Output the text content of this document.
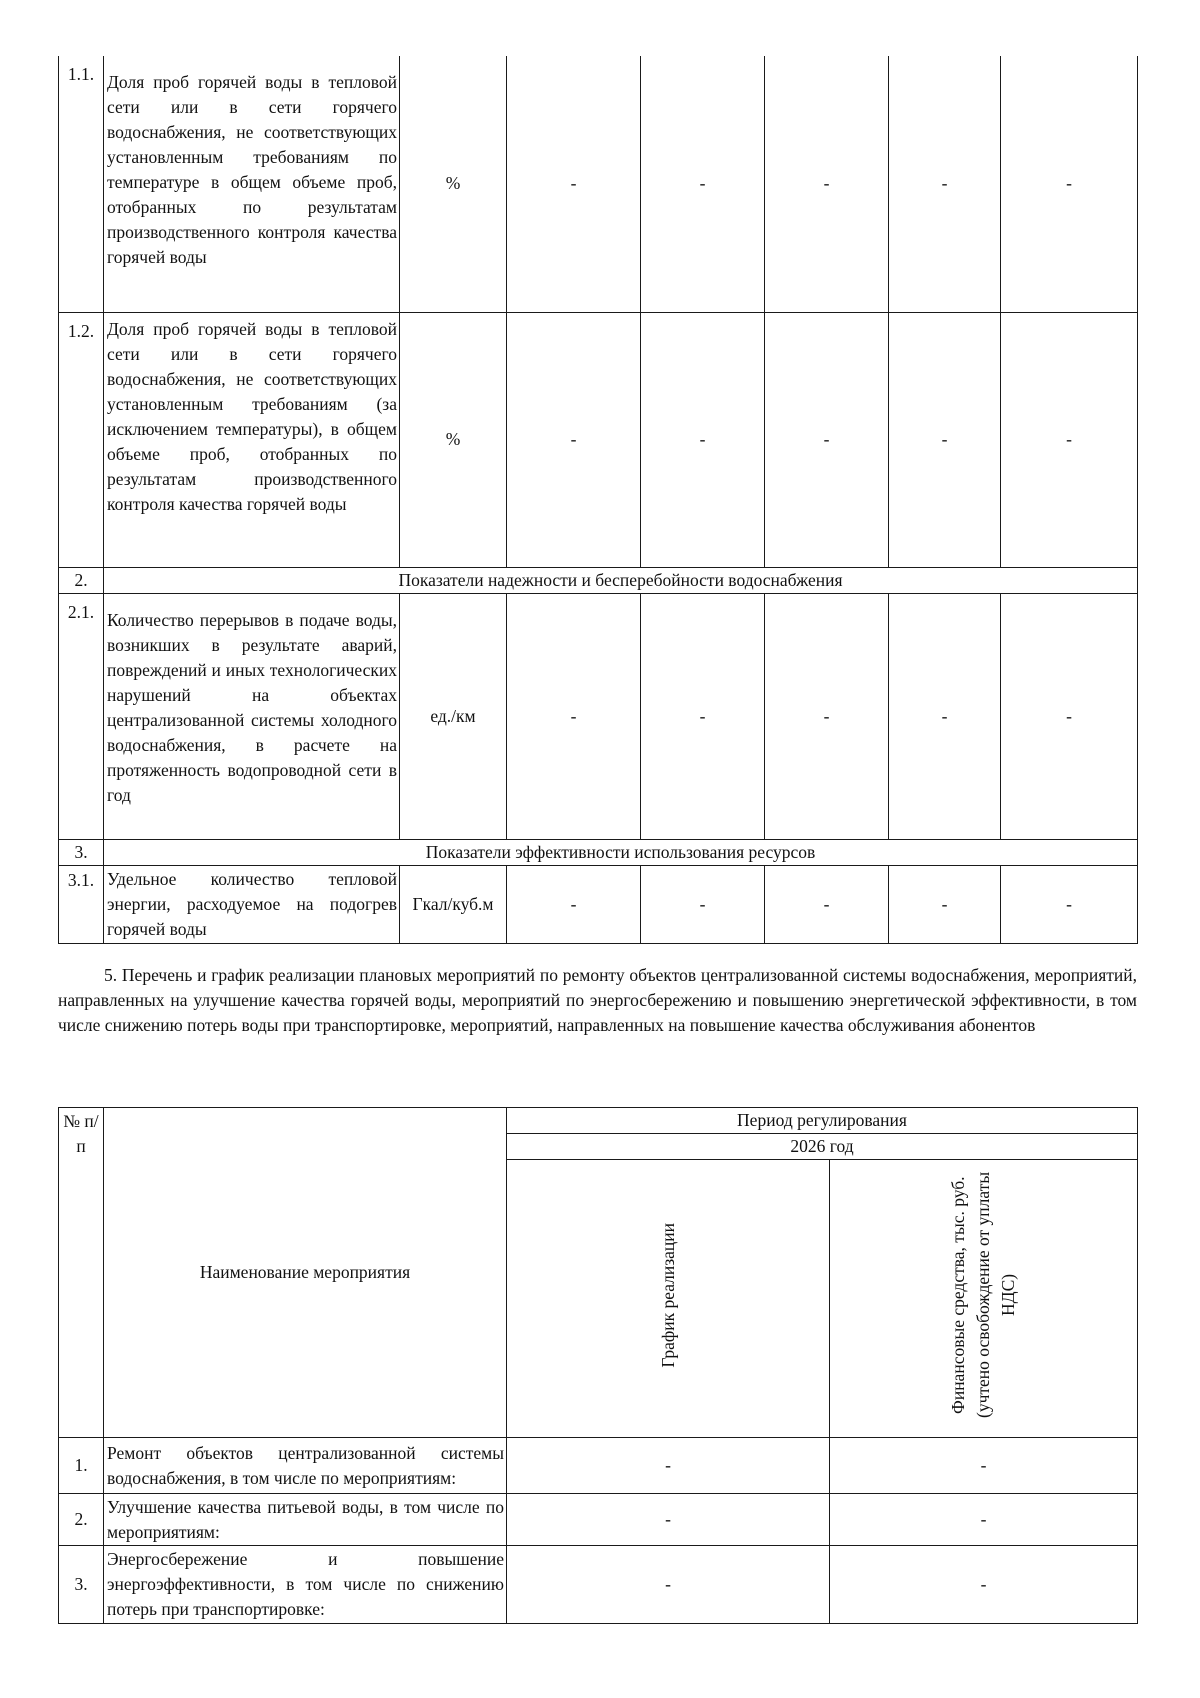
1.1.	Доля проб горячей воды в тепловой сети или в сети горячего водоснабжения, не соответствующих установленным требованиям по температуре в общем объеме проб, отобранных по результатам производственного контроля качества горячей воды	%	-	-	-	-	-
1.2.	Доля проб горячей воды в тепловой сети или в сети горячего водоснабжения, не соответствующих установленным требованиям (за исключением температуры), в общем объеме проб, отобранных по результатам производственного контроля качества горячей воды	%	-	-	-	-	-
2.	Показатели надежности и бесперебойности водоснабжения						
2.1.	Количество перерывов в подаче воды, возникших в результате аварий, повреждений и иных технологических нарушений на объектах централизованной системы холодного водоснабжения, в расчете на протяженность водопроводной сети в год	ед./км	-	-	-	-	-
3.	Показатели эффективности использования ресурсов						
3.1.	Удельное количество тепловой энергии, расходуемое на подогрев горячей воды	Гкал/куб.м	-	-	-	-	-

5. Перечень и график реализации плановых мероприятий по ремонту объектов централизованной системы водоснабжения, мероприятий, направленных на улучшение качества горячей воды, мероприятий по энергосбережению и повышению энергетической эффективности, в том числе снижению потерь воды при транспортировке, мероприятий, направленных на повышение качества обслуживания абонентов

№ п/п	Наименование мероприятия	Период регулирования	
		2026 год	
		График реализации	Финансовые средства, тыс. руб. (учтено освобождение от уплаты НДС)
1.	Ремонт объектов централизованной системы водоснабжения, в том числе по мероприятиям:	-	-
2.	Улучшение качества питьевой воды, в том числе по мероприятиям:	-	-
3.	Энергосбережение и повышение энергоэффективности, в том числе по снижению потерь при транспортировке:	-	-
